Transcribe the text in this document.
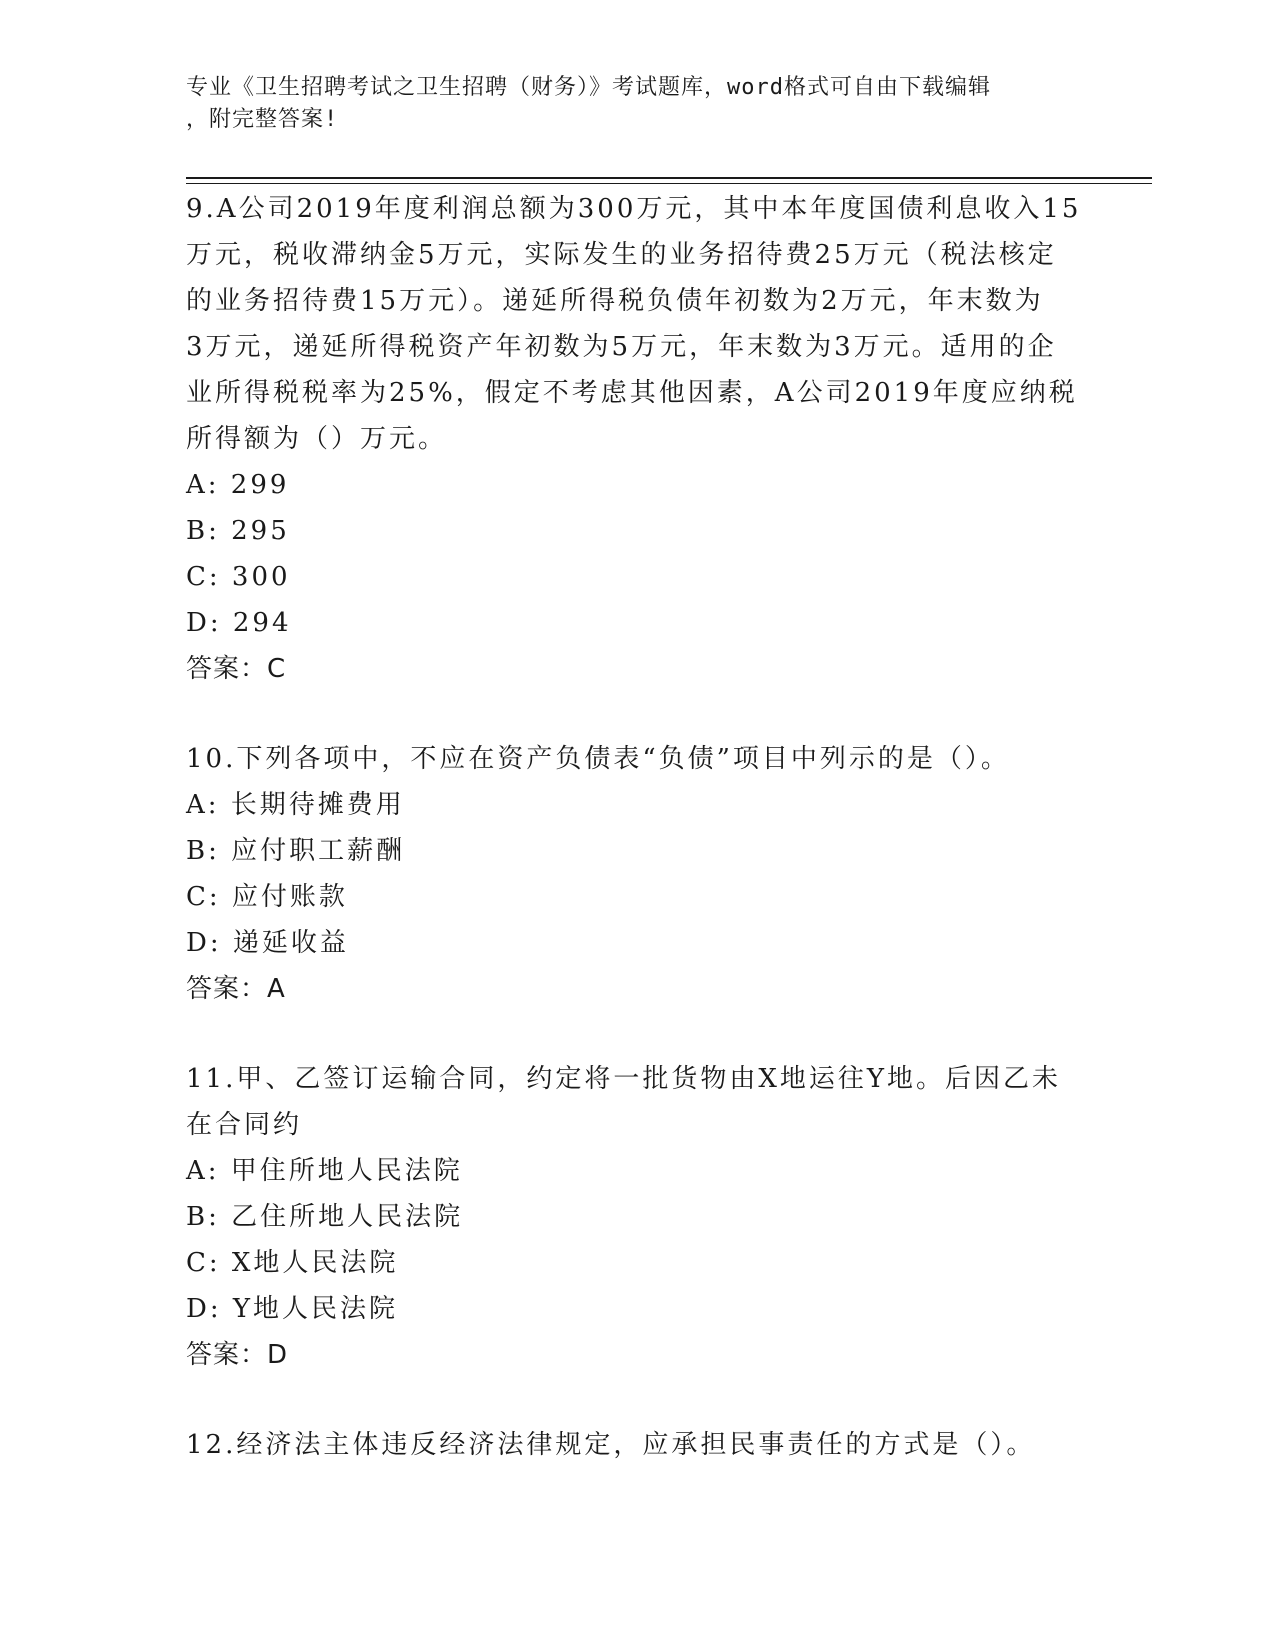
专业《卫生招聘考试之卫生招聘（财务）》考试题库，word格式可自由下载编辑
，附完整答案!

9.A公司2019年度利润总额为300万元，其中本年度国债利息收入15

万元，税收滞纳金5万元，实际发生的业务招待费25万元（税法核定

的业务招待费15万元）。递延所得税负债年初数为2万元，年末数为

3万元，递延所得税资产年初数为5万元，年末数为3万元。适用的企

业所得税税率为25%，假定不考虑其他因素，A公司2019年度应纳税

所得额为（）万元。

A: 299

B: 295

C: 300

D: 294

答案：C

10.下列各项中，不应在资产负债表“负债”项目中列示的是（）。

A: 长期待摊费用

B: 应付职工薪酬

C: 应付账款

D: 递延收益

答案：A

11.甲、乙签订运输合同，约定将一批货物由X地运往Y地。后因乙未

在合同约

A: 甲住所地人民法院

B: 乙住所地人民法院

C: X地人民法院

D: Y地人民法院

答案：D

12.经济法主体违反经济法律规定，应承担民事责任的方式是（）。
